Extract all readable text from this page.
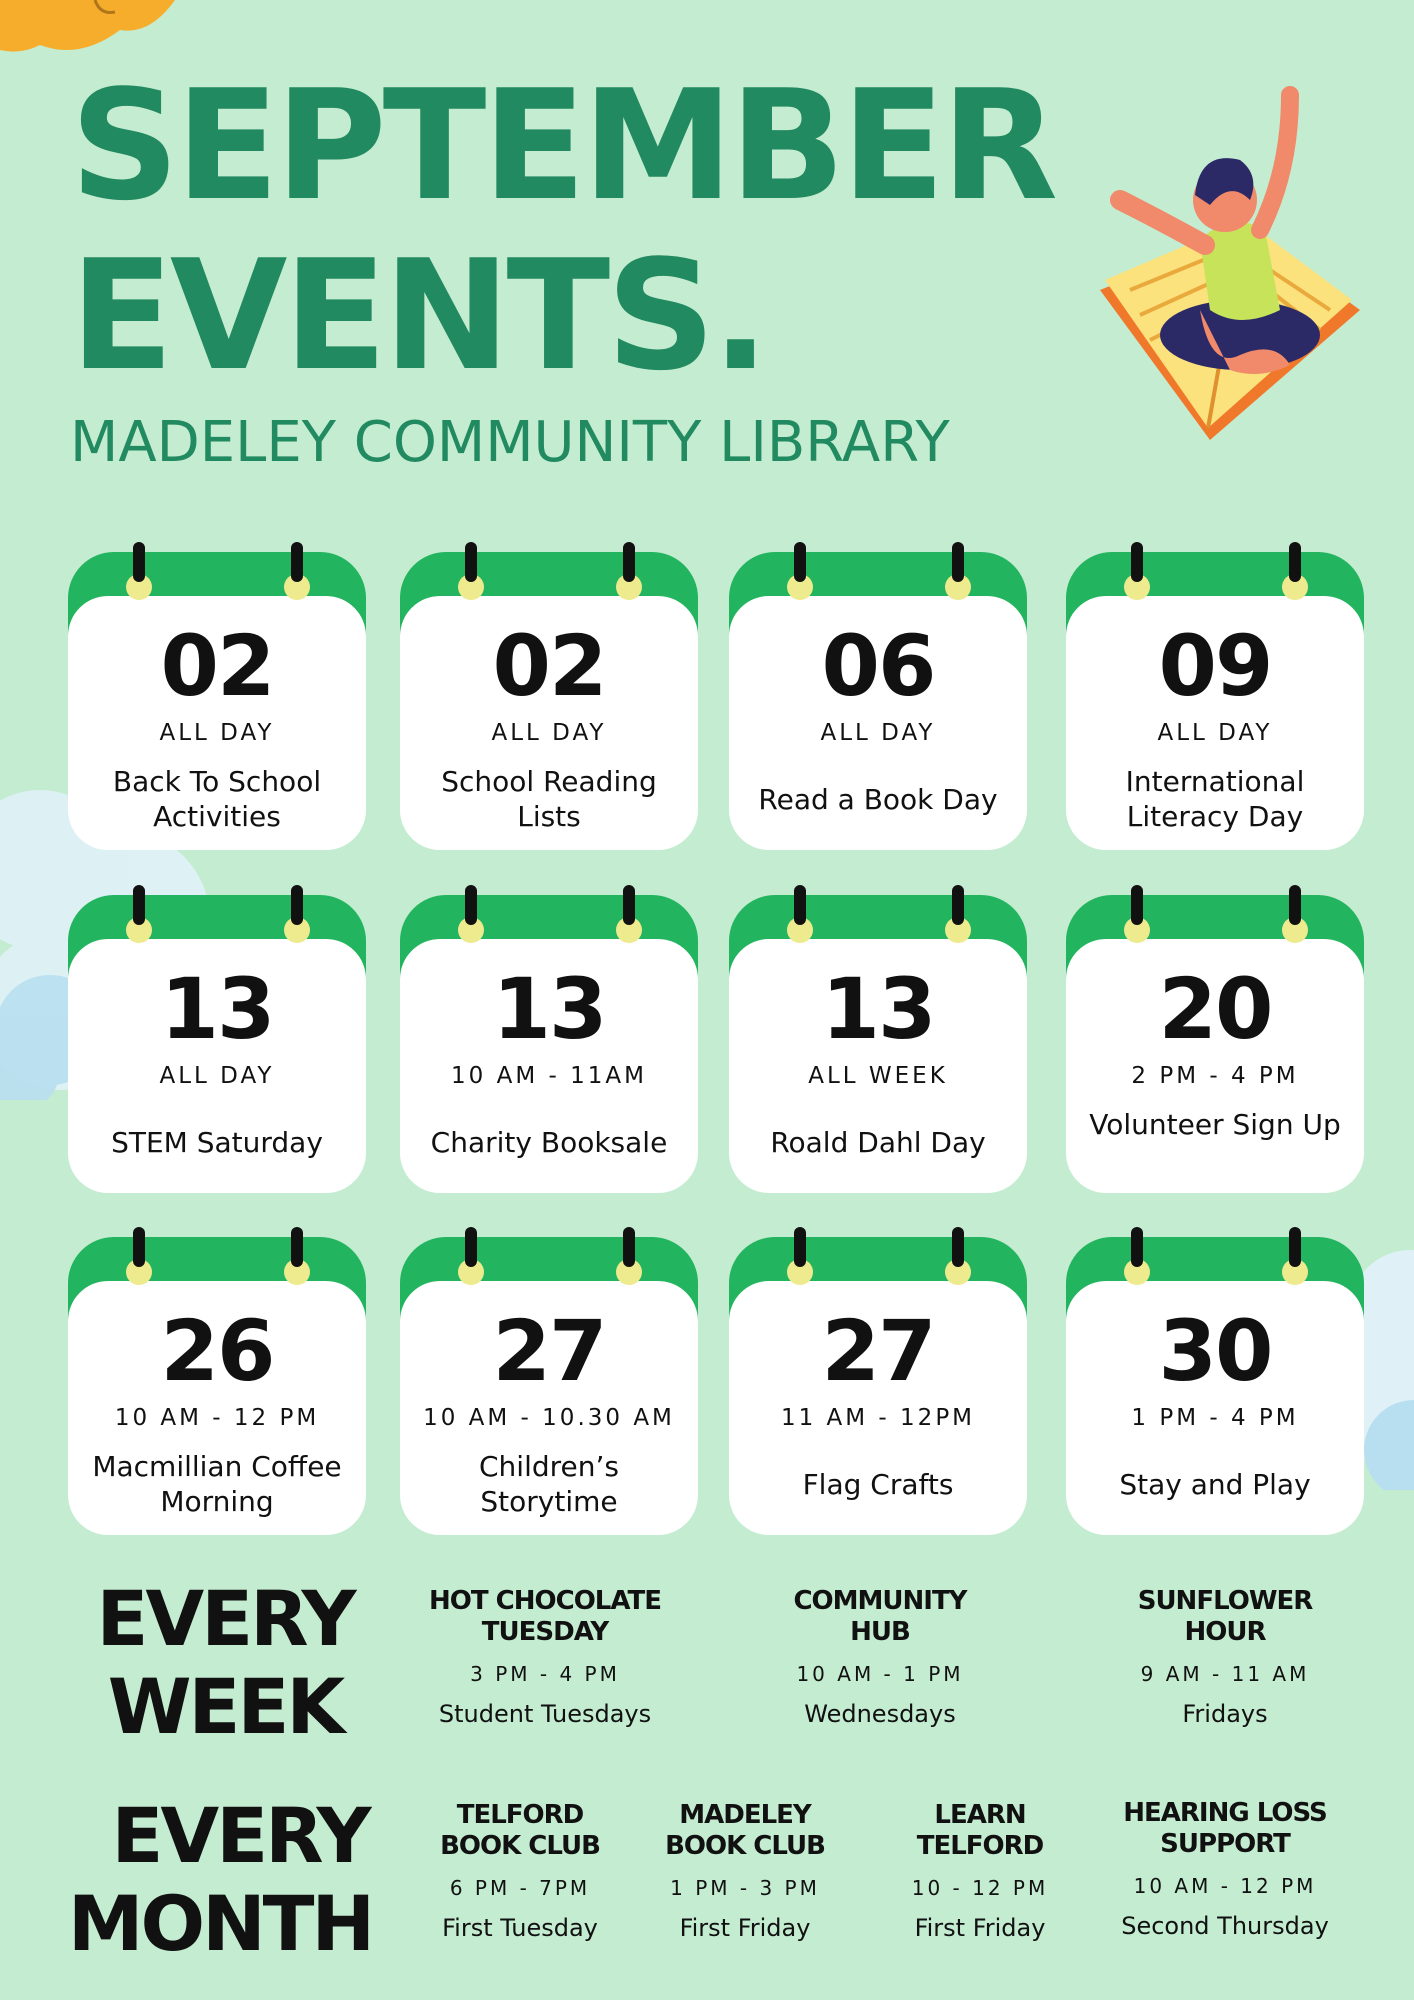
SEPTEMBER
EVENTS.
MADELEY COMMUNITY LIBRARY
02
ALL DAY
Back To School Activities
02
ALL DAY
School Reading Lists
06
ALL DAY
Read a Book Day
09
ALL DAY
International Literacy Day
13
ALL DAY
STEM Saturday
13
10 AM - 11AM
Charity Booksale
13
ALL WEEK
Roald Dahl Day
20
2 PM - 4 PM
Volunteer Sign Up
26
10 AM - 12 PM
Macmillian Coffee Morning
27
10 AM - 10.30 AM
Children’s Storytime
27
11 AM - 12PM
Flag Crafts
30
1 PM - 4 PM
Stay and Play
EVERY
WEEK
HOT CHOCOLATE
TUESDAY
3 PM - 4 PM
Student Tuesdays
COMMUNITY
HUB
10 AM - 1 PM
Wednesdays
SUNFLOWER
HOUR
9 AM - 11 AM
Fridays
EVERY
MONTH
TELFORD
BOOK CLUB
6 PM - 7PM
First Tuesday
MADELEY
BOOK CLUB
1 PM - 3 PM
First Friday
LEARN
TELFORD
10 - 12 PM
First Friday
HEARING LOSS
SUPPORT
10 AM - 12 PM
Second Thursday
